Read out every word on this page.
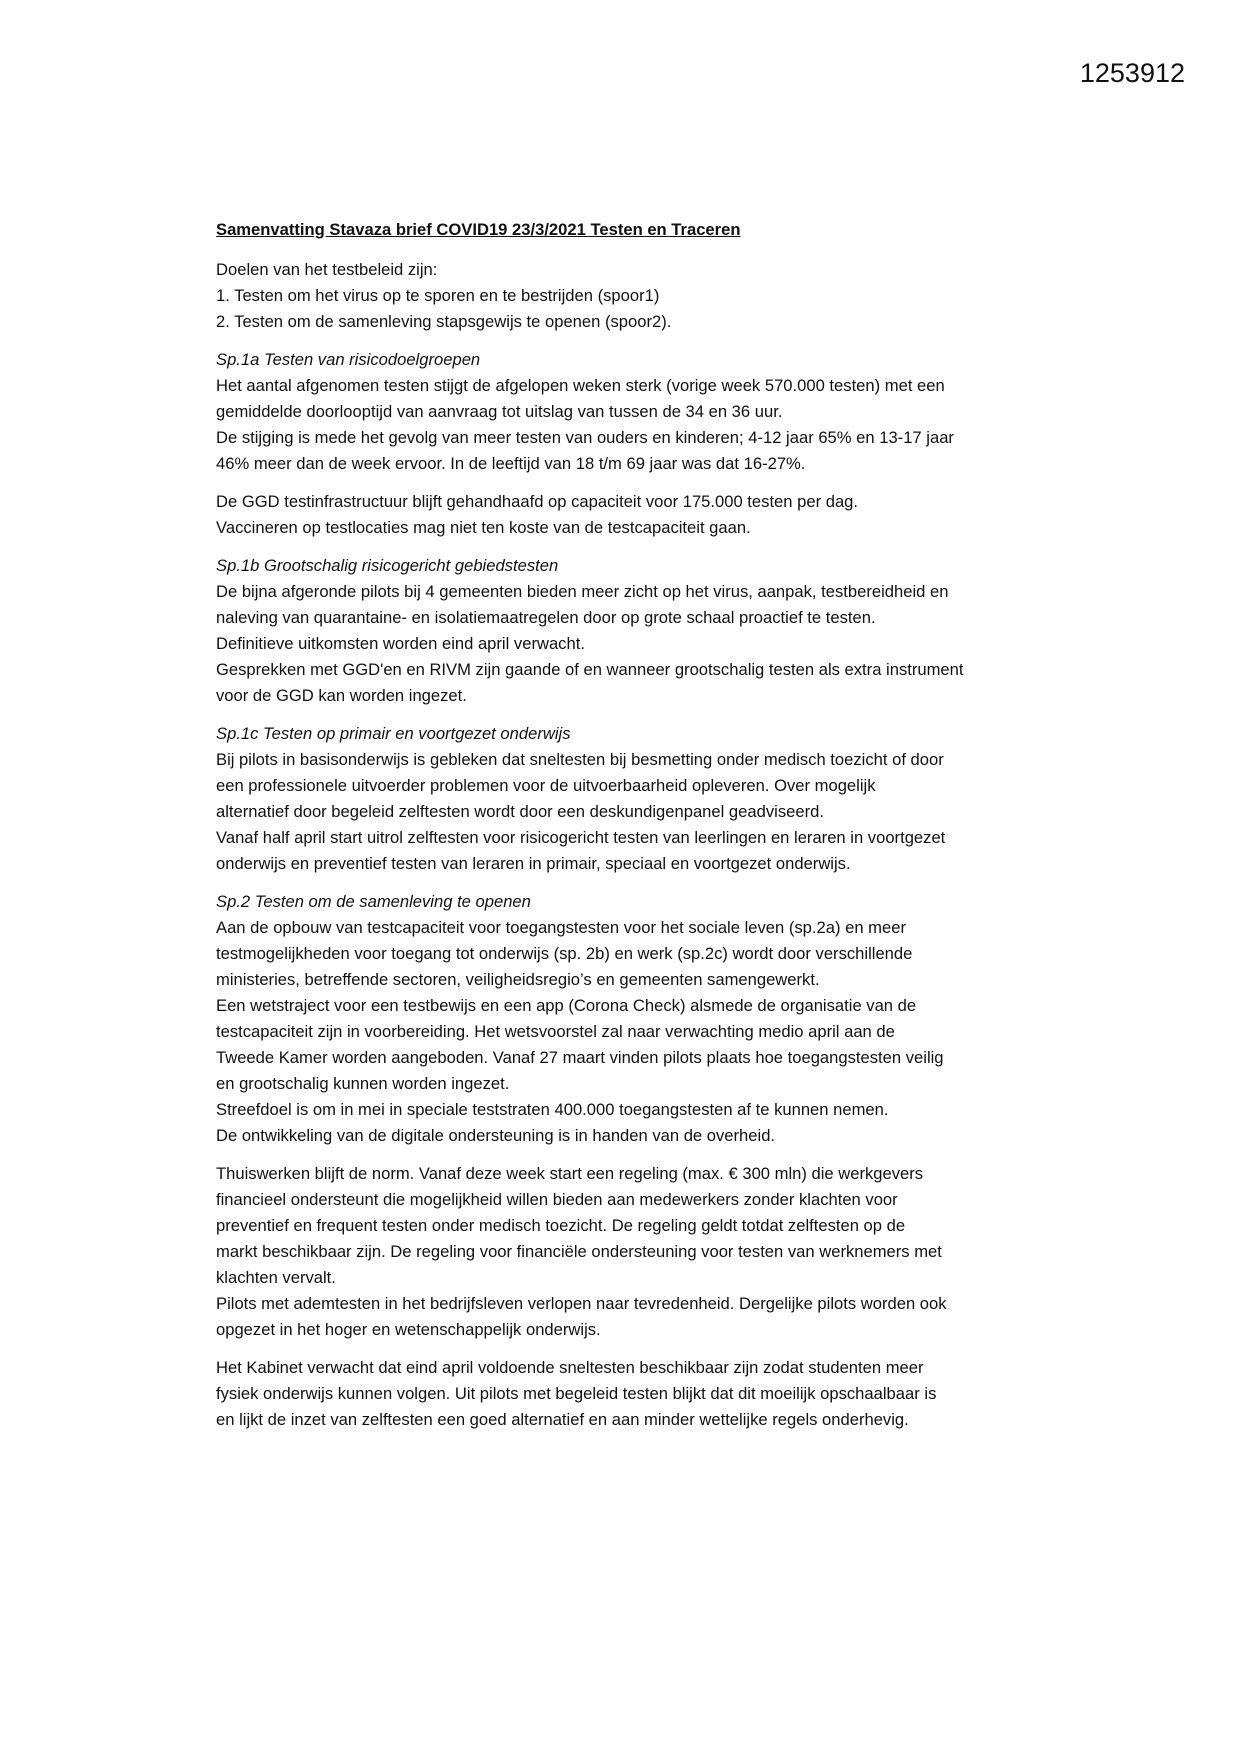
1253912
Samenvatting Stavaza brief COVID19 23/3/2021 Testen en Traceren
Doelen van het testbeleid zijn:
1. Testen om het virus op te sporen en te bestrijden (spoor1)
2. Testen om de samenleving stapsgewijs te openen (spoor2).
Sp.1a Testen van risicodoelgroepen
Het aantal afgenomen testen stijgt de afgelopen weken sterk (vorige week 570.000 testen) met een
gemiddelde doorlooptijd van aanvraag tot uitslag van tussen de 34 en 36 uur.
De stijging is mede het gevolg van meer testen van ouders en kinderen; 4-12 jaar 65% en 13-17 jaar
46% meer dan de week ervoor. In de leeftijd van 18 t/m 69 jaar was dat 16-27%.
De GGD testinfrastructuur blijft gehandhaafd op capaciteit voor 175.000 testen per dag.
Vaccineren op testlocaties mag niet ten koste van de testcapaciteit gaan.
Sp.1b Grootschalig risicogericht gebiedstesten
De bijna afgeronde pilots bij 4 gemeenten bieden meer zicht op het virus, aanpak, testbereidheid en
naleving van quarantaine- en isolatiemaatregelen door op grote schaal proactief te testen.
Definitieve uitkomsten worden eind april verwacht.
Gesprekken met GGD'en en RIVM zijn gaande of en wanneer grootschalig testen als extra instrument
voor de GGD kan worden ingezet.
Sp.1c Testen op primair en voortgezet onderwijs
Bij pilots in basisonderwijs is gebleken dat sneltesten bij besmetting onder medisch toezicht of door
een professionele uitvoerder problemen voor de uitvoerbaarheid opleveren. Over mogelijk
alternatief door begeleid zelftesten wordt door een deskundigenpanel geadviseerd.
Vanaf half april start uitrol zelftesten voor risicogericht testen van leerlingen en leraren in voortgezet
onderwijs en preventief testen van leraren in primair, speciaal en voortgezet onderwijs.
Sp.2 Testen om de samenleving te openen
Aan de opbouw van testcapaciteit voor toegangstesten voor het sociale leven (sp.2a) en meer
testmogelijkheden voor toegang tot onderwijs (sp. 2b) en werk (sp.2c) wordt door verschillende
ministeries, betreffende sectoren, veiligheidsregio’s en gemeenten samengewerkt.
Een wetstraject voor een testbewijs en een app (Corona Check) alsmede de organisatie van de
testcapaciteit zijn in voorbereiding. Het wetsvoorstel zal naar verwachting medio april aan de
Tweede Kamer worden aangeboden. Vanaf 27 maart vinden pilots plaats hoe toegangstesten veilig
en grootschalig kunnen worden ingezet.
Streefdoel is om in mei in speciale teststraten 400.000 toegangstesten af te kunnen nemen.
De ontwikkeling van de digitale ondersteuning is in handen van de overheid.
Thuiswerken blijft de norm. Vanaf deze week start een regeling (max. € 300 mln) die werkgevers
financieel ondersteunt die mogelijkheid willen bieden aan medewerkers zonder klachten voor
preventief en frequent testen onder medisch toezicht. De regeling geldt totdat zelftesten op de
markt beschikbaar zijn. De regeling voor financiële ondersteuning voor testen van werknemers met
klachten vervalt.
Pilots met ademtesten in het bedrijfsleven verlopen naar tevredenheid. Dergelijke pilots worden ook
opgezet in het hoger en wetenschappelijk onderwijs.
Het Kabinet verwacht dat eind april voldoende sneltesten beschikbaar zijn zodat studenten meer
fysiek onderwijs kunnen volgen. Uit pilots met begeleid testen blijkt dat dit moeilijk opschaalbaar is
en lijkt de inzet van zelftesten een goed alternatief en aan minder wettelijke regels onderhevig.
